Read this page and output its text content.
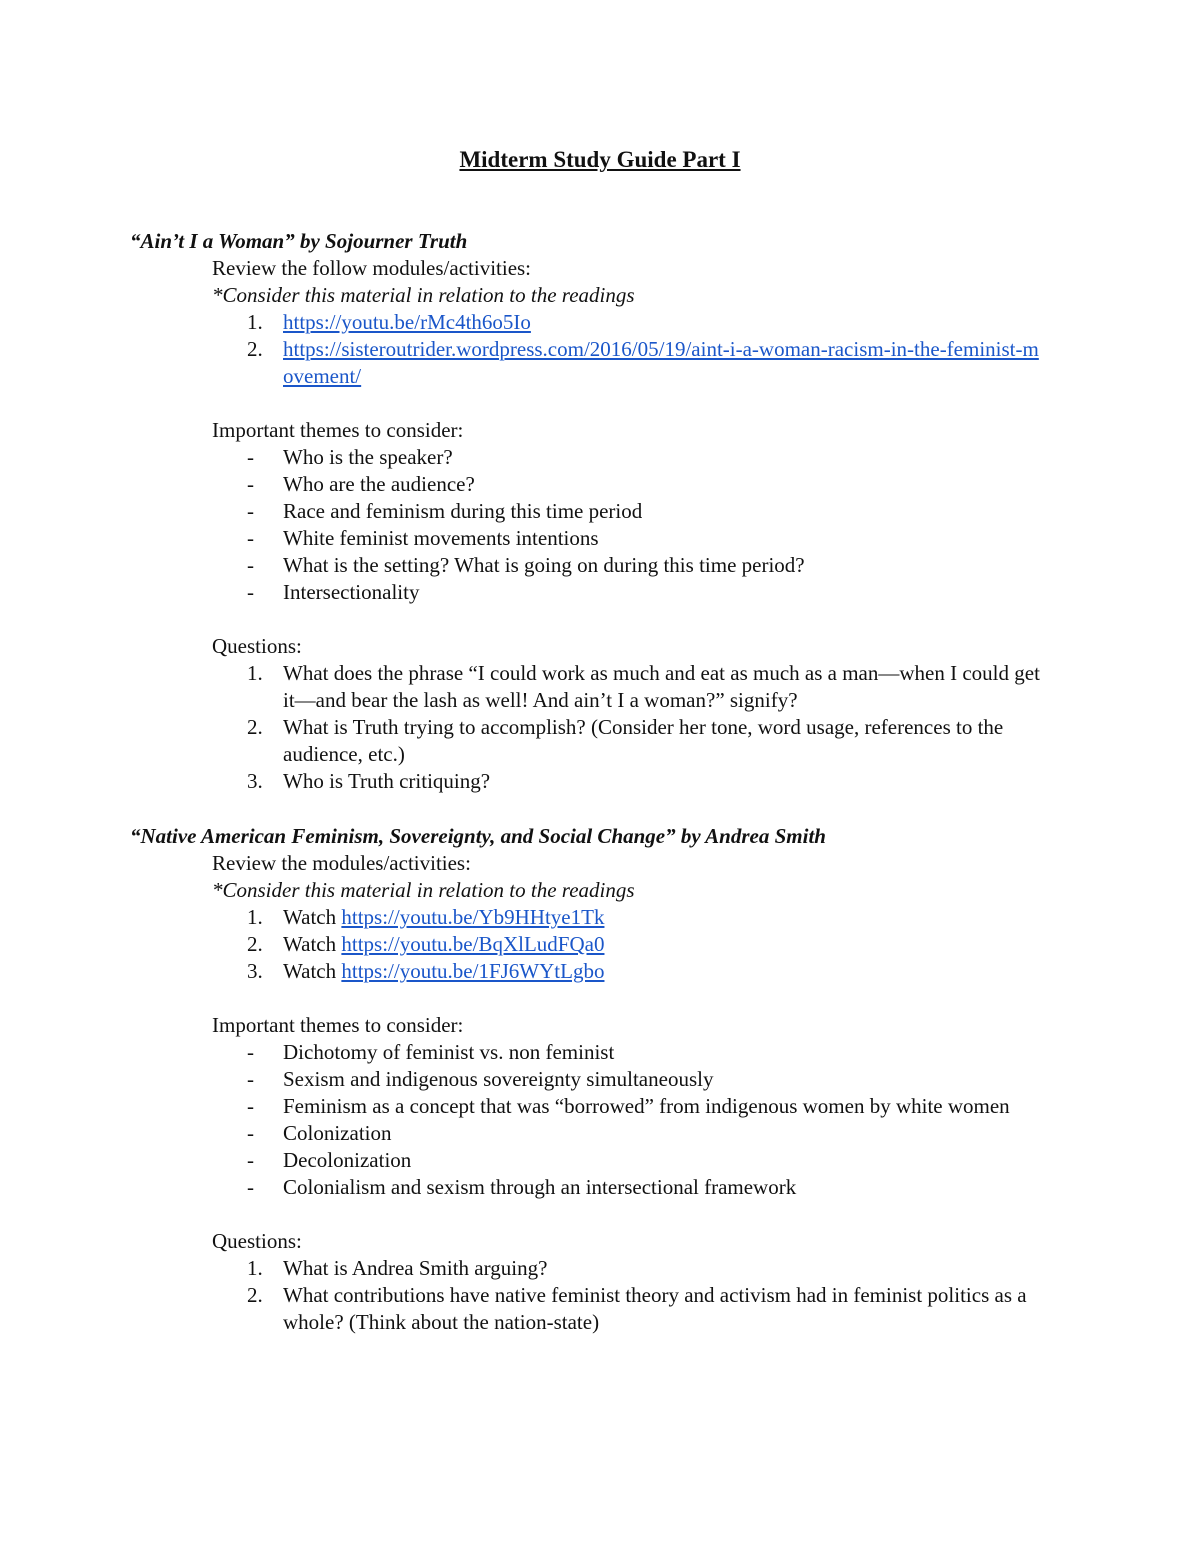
Midterm Study Guide Part I
“Ain’t I a Woman” by Sojourner Truth
Review the follow modules/activities:
*Consider this material in relation to the readings
1. https://youtu.be/rMc4th6o5Io
2. https://sisteroutrider.wordpress.com/2016/05/19/aint-i-a-woman-racism-in-the-feminist-movement/
Important themes to consider:
-	Who is the speaker?
-	Who are the audience?
-	Race and feminism during this time period
-	White feminist movements intentions
-	What is the setting? What is going on during this time period?
-	Intersectionality
Questions:
1. What does the phrase “I could work as much and eat as much as a man—when I could get it—and bear the lash as well! And ain’t I a woman?” signify?
2. What is Truth trying to accomplish? (Consider her tone, word usage, references to the audience, etc.)
3. Who is Truth critiquing?
“Native American Feminism, Sovereignty, and Social Change” by Andrea Smith
Review the modules/activities:
*Consider this material in relation to the readings
1. Watch https://youtu.be/Yb9HHtye1Tk
2. Watch https://youtu.be/BqXlLudFQa0
3. Watch https://youtu.be/1FJ6WYtLgbo
Important themes to consider:
-	Dichotomy of feminist vs. non feminist
-	Sexism and indigenous sovereignty simultaneously
-	Feminism as a concept that was “borrowed” from indigenous women by white women
-	Colonization
-	Decolonization
-	Colonialism and sexism through an intersectional framework
Questions:
1. What is Andrea Smith arguing?
2. What contributions have native feminist theory and activism had in feminist politics as a whole? (Think about the nation-state)
